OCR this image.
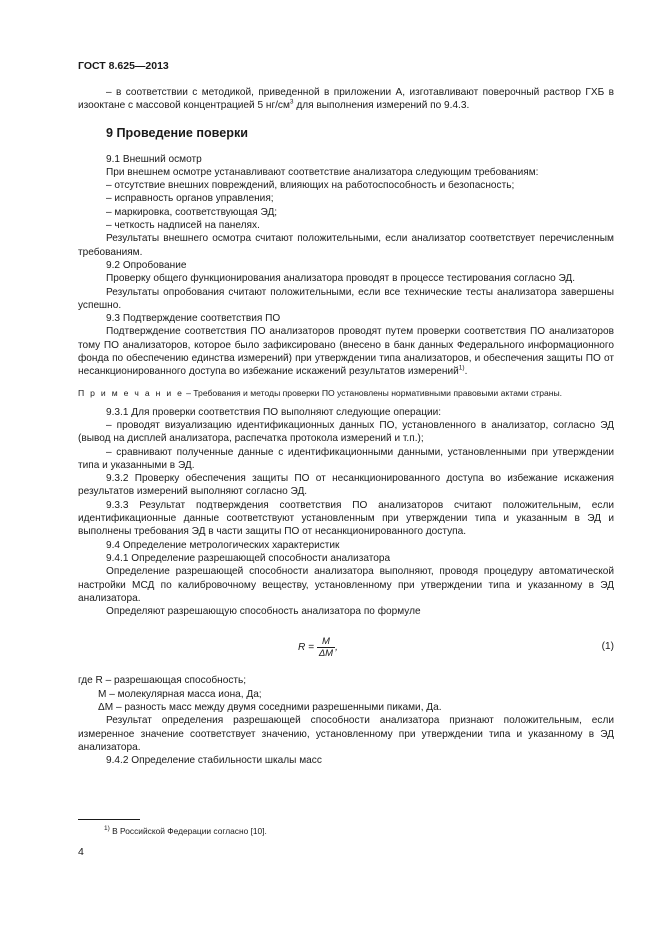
ГОСТ 8.625—2013

– в соответствии с методикой, приведенной в приложении А, изготавливают поверочный раствор ГХБ в изооктане с массовой концентрацией 5 $нг/см^3$ для выполнения измерений по 9.4.3.

9 Проведение поверки

9.1 Внешний осмотр

При внешнем осмотре устанавливают соответствие анализатора следующим требованиям:

– отсутствие внешних повреждений, влияющих на работоспособность и безопасность;

– исправность органов управления;

– маркировка, соответствующая ЭД;

– четкость надписей на панелях.

Результаты внешнего осмотра считают положительными, если анализатор соответствует перечисленным требованиям.

9.2 Опробование

Проверку общего функционирования анализатора проводят в процессе тестирования согласно ЭД.

Результаты опробования считают положительными, если все технические тесты анализатора завершены успешно.

9.3 Подтверждение соответствия ПО

Подтверждение соответствия ПО анализаторов проводят путем проверки соответствия ПО анализаторов тому ПО анализаторов, которое было зафиксировано (внесено в банк данных Федерального информационного фонда по обеспечению единства измерений) при утверждении типа анализаторов, и обеспечения защиты ПО от несанкционированного доступа во избежание искажений результатов измерений$^{1)}$.

П р и м е ч а н и е – Требования и методы проверки ПО установлены нормативными правовыми актами страны.

9.3.1 Для проверки соответствия ПО выполняют следующие операции:

– проводят визуализацию идентификационных данных ПО, установленного в анализатор, согласно ЭД (вывод на дисплей анализатора, распечатка протокола измерений и т.п.);

– сравнивают полученные данные с идентификационными данными, установленными при утверждении типа и указанными в ЭД.

9.3.2 Проверку обеспечения защиты ПО от несанкционированного доступа во избежание искажения результатов измерений выполняют согласно ЭД.

9.3.3 Результат подтверждения соответствия ПО анализаторов считают положительным, если идентификационные данные соответствуют установленным при утверждении типа и указанным в ЭД и выполнены требования ЭД в части защиты ПО от несанкционированного доступа.

9.4 Определение метрологических характеристик

9.4.1 Определение разрешающей способности анализатора

Определение разрешающей способности анализатора выполняют, проводя процедуру автоматической настройки МСД по калибровочному веществу, установленному при утверждении типа и указанному в ЭД анализатора.

Определяют разрешающую способность анализатора по формуле

$R = \frac{M}{\Delta M}$ ,	(1)

где R – разрешающая способность;

M – молекулярная масса иона, Да;

ΔM – разность масс между двумя соседними разрешенными пиками, Да.

Результат определения разрешающей способности анализатора признают положительным, если измеренное значение соответствует значению, установленному при утверждении типа и указанному в ЭД анализатора.

9.4.2 Определение стабильности шкалы масс

$^{1)}$ В Российской Федерации согласно [10].
4
